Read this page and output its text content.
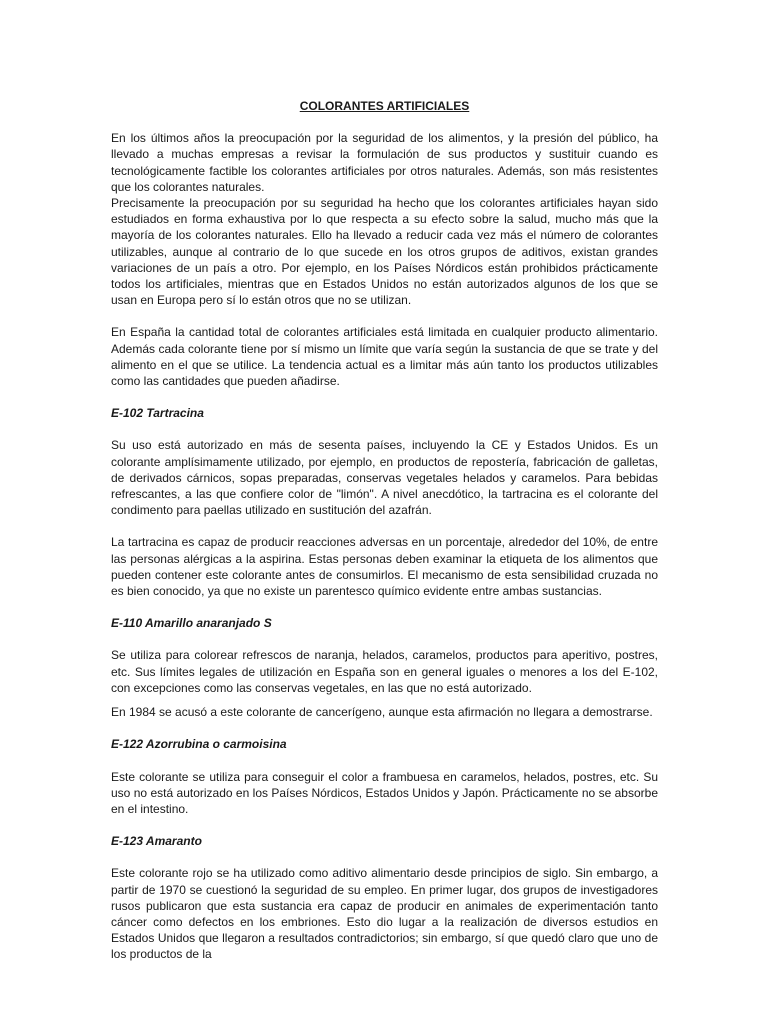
COLORANTES ARTIFICIALES

En los últimos años la preocupación por la seguridad de los alimentos, y la presión del público, ha llevado a muchas empresas a revisar la formulación de sus productos y sustituir cuando es tecnológicamente factible los colorantes artificiales por otros naturales. Además, son más resistentes que los colorantes naturales.

Precisamente la preocupación por su seguridad ha hecho que los colorantes artificiales hayan sido estudiados en forma exhaustiva por lo que respecta a su efecto sobre la salud, mucho más que la mayoría de los colorantes naturales. Ello ha llevado a reducir cada vez más el número de colorantes utilizables, aunque al contrario de lo que sucede en los otros grupos de aditivos, existan grandes variaciones de un país a otro. Por ejemplo, en los Países Nórdicos están prohibidos prácticamente todos los artificiales, mientras que en Estados Unidos no están autorizados algunos de los que se usan en Europa pero sí lo están otros que no se utilizan.

En España la cantidad total de colorantes artificiales está limitada en cualquier producto alimentario. Además cada colorante tiene por sí mismo un límite que varía según la sustancia de que se trate y del alimento en el que se utilice. La tendencia actual es a limitar más aún tanto los productos utilizables como las cantidades que pueden añadirse.

E-102 Tartracina

Su uso está autorizado en más de sesenta países, incluyendo la CE y Estados Unidos. Es un colorante amplísimamente utilizado, por ejemplo, en productos de repostería, fabricación de galletas, de derivados cárnicos, sopas preparadas, conservas vegetales helados y caramelos. Para bebidas refrescantes, a las que confiere color de "limón". A nivel anecdótico, la tartracina es el colorante del condimento para paellas utilizado en sustitución del azafrán.

La tartracina es capaz de producir reacciones adversas en un porcentaje, alrededor del 10%, de entre las personas alérgicas a la aspirina. Estas personas deben examinar la etiqueta de los alimentos que pueden contener este colorante antes de consumirlos. El mecanismo de esta sensibilidad cruzada no es bien conocido, ya que no existe un parentesco químico evidente entre ambas sustancias.

E-110 Amarillo anaranjado S

Se utiliza para colorear refrescos de naranja, helados, caramelos, productos para aperitivo, postres, etc. Sus límites legales de utilización en España son en general iguales o menores a los del E-102, con excepciones como las conservas vegetales, en las que no está autorizado.

En 1984 se acusó a este colorante de cancerígeno, aunque esta afirmación no llegara a demostrarse.

E-122 Azorrubina o carmoisina

Este colorante se utiliza para conseguir el color a frambuesa en caramelos, helados, postres, etc. Su uso no está autorizado en los Países Nórdicos, Estados Unidos y Japón. Prácticamente no se absorbe en el intestino.

E-123 Amaranto

Este colorante rojo se ha utilizado como aditivo alimentario desde principios de siglo. Sin embargo, a partir de 1970 se cuestionó la seguridad de su empleo. En primer lugar, dos grupos de investigadores rusos publicaron que esta sustancia era capaz de producir en animales de experimentación tanto cáncer como defectos en los embriones. Esto dio lugar a la realización de diversos estudios en Estados Unidos que llegaron a resultados contradictorios; sin embargo, sí que quedó claro que uno de los productos de la
